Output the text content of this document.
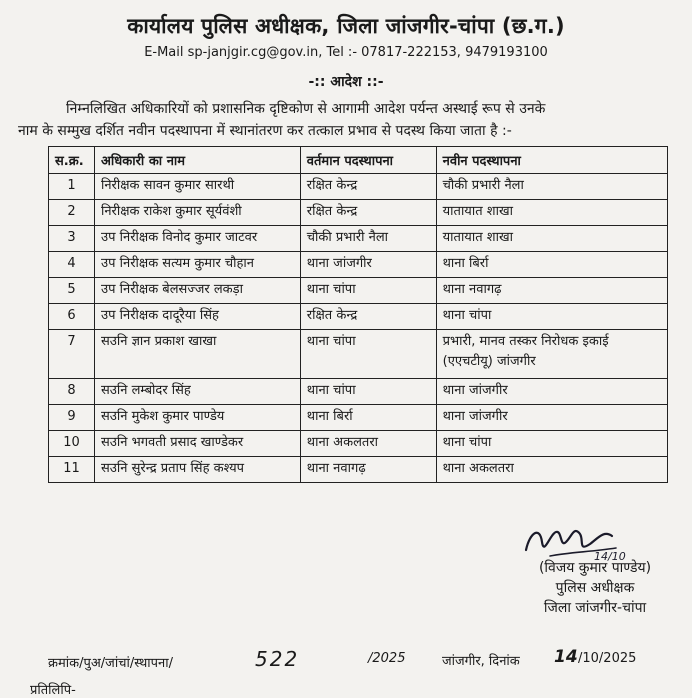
कार्यालय पुलिस अधीक्षक, जिला जांजगीर-चांपा (छ.ग.)
E-Mail sp-janjgir.cg@gov.in, Tel :- 07817-222153, 9479193100
-:: आदेश ::-
निम्नलिखित अधिकारियों को प्रशासनिक दृष्टिकोण से आगामी आदेश पर्यन्त अस्थाई रूप से उनके
नाम के सम्मुख दर्शित नवीन पदस्थापना में स्थानांतरण कर तत्काल प्रभाव से पदस्थ किया जाता है :-
स.क्र.	अधिकारी का नाम	वर्तमान पदस्थापना	नवीन पदस्थापना
1	निरीक्षक सावन कुमार सारथी	रक्षित केन्द्र	चौकी प्रभारी नैला
2	निरीक्षक राकेश कुमार सूर्यवंशी	रक्षित केन्द्र	यातायात शाखा
3	उप निरीक्षक विनोद कुमार जाटवर	चौकी प्रभारी नैला	यातायात शाखा
4	उप निरीक्षक सत्यम कुमार चौहान	थाना जांजगीर	थाना बिर्रा
5	उप निरीक्षक बेलसज्जर लकड़ा	थाना चांपा	थाना नवागढ़
6	उप निरीक्षक दादूरैया सिंह	रक्षित केन्द्र	थाना चांपा
7	सउनि ज्ञान प्रकाश खाखा	थाना चांपा	प्रभारी, मानव तस्कर निरोधक इकाई (एएचटीयू) जांजगीर
8	सउनि लम्बोदर सिंह	थाना चांपा	थाना जांजगीर
9	सउनि मुकेश कुमार पाण्डेय	थाना बिर्रा	थाना जांजगीर
10	सउनि भगवती प्रसाद खाण्डेकर	थाना अकलतरा	थाना चांपा
11	सउनि सुरेन्द्र प्रताप सिंह कश्यप	थाना नवागढ़	थाना अकलतरा
14/10
(विजय कुमार पाण्डेय)
पुलिस अधीक्षक
जिला जांजगीर-चांपा
क्रमांक/पुअ/जांचां/स्थापना/	522	/2025	जांजगीर, दिनांक 14 /10/2025
प्रतिलिपि-
